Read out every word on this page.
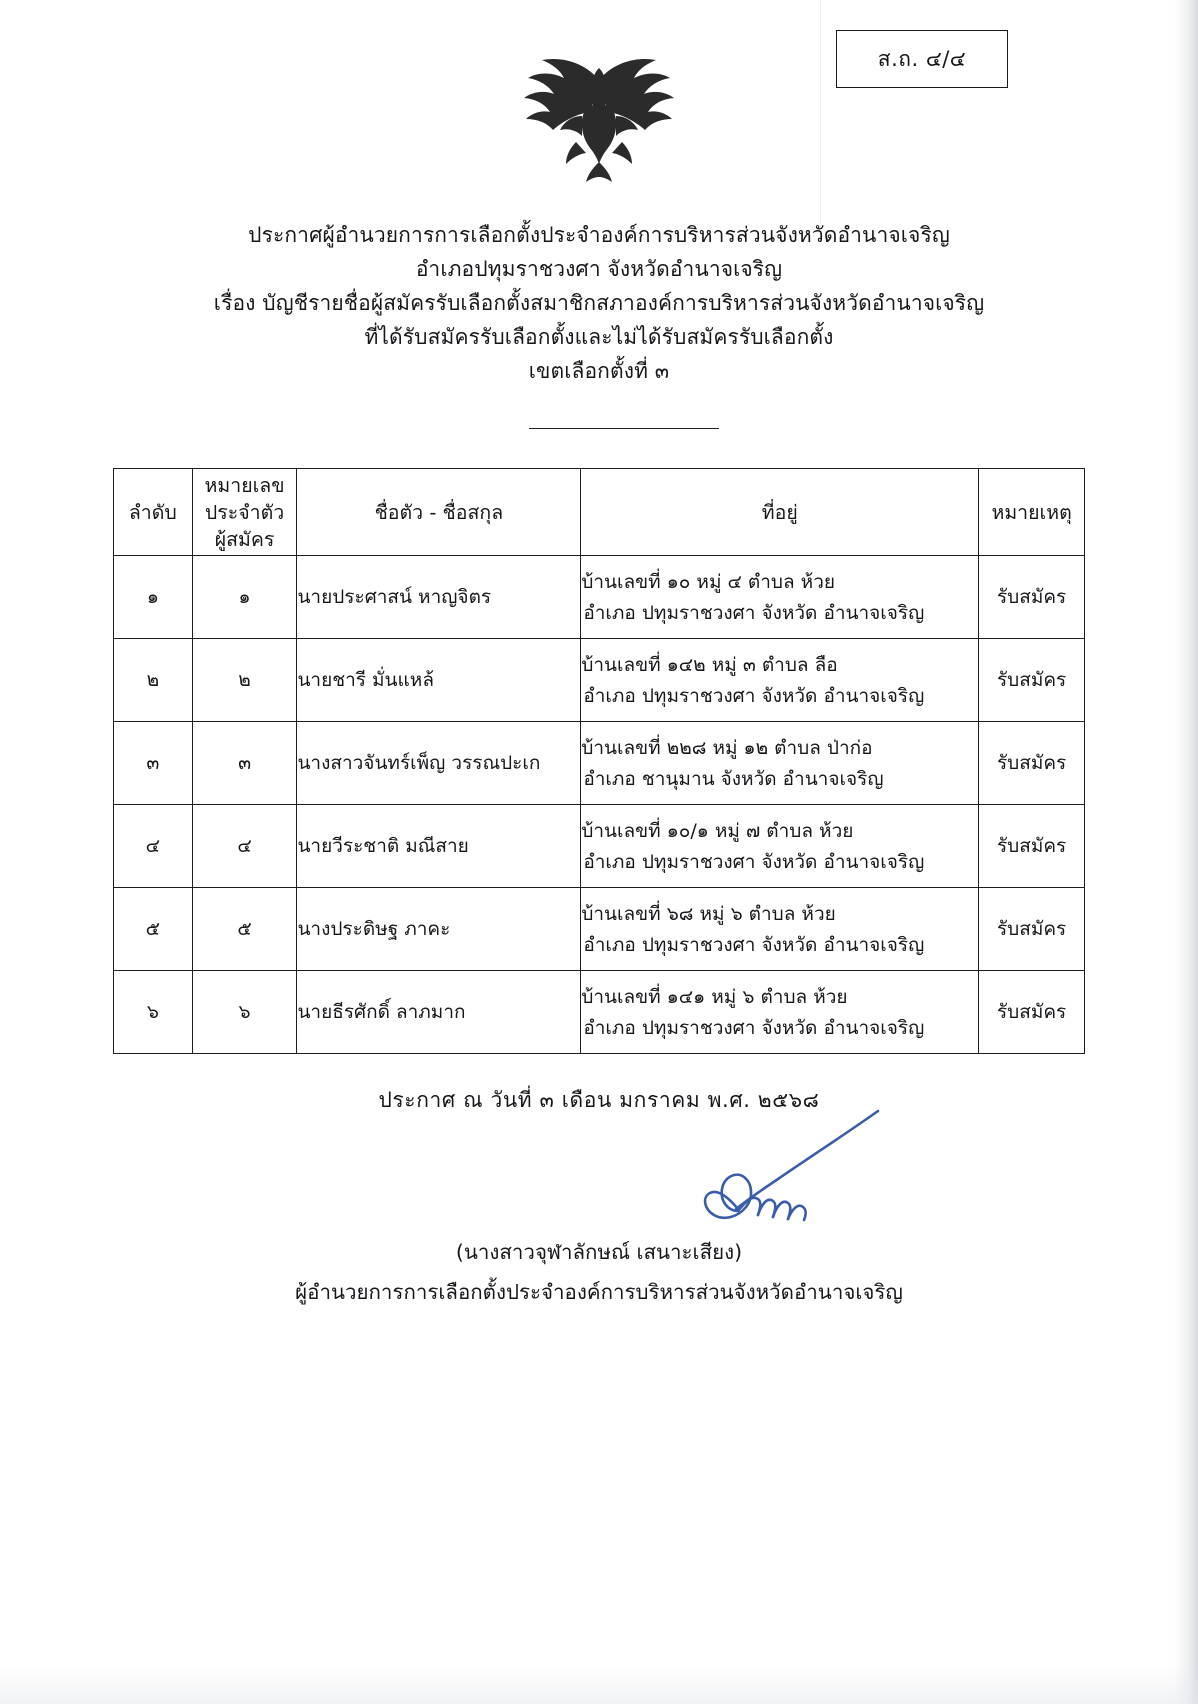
ส.ถ. ๔/๔
ประกาศผู้อำนวยการการเลือกตั้งประจำองค์การบริหารส่วนจังหวัดอำนาจเจริญ
อำเภอปทุมราชวงศา จังหวัดอำนาจเจริญ
เรื่อง บัญชีรายชื่อผู้สมัครรับเลือกตั้งสมาชิกสภาองค์การบริหารส่วนจังหวัดอำนาจเจริญ
ที่ได้รับสมัครรับเลือกตั้งและไม่ได้รับสมัครรับเลือกตั้ง
เขตเลือกตั้งที่ ๓
ลำดับ	หมายเลข
ประจำตัว
ผู้สมัคร	ชื่อตัว - ชื่อสกุล	ที่อยู่	หมายเหตุ
๑	๑	นายประศาสน์ หาญจิตร	บ้านเลขที่ ๑๐ หมู่ ๔ ตำบล ห้วย
อำเภอ ปทุมราชวงศา จังหวัด อำนาจเจริญ	รับสมัคร
๒	๒	นายชารี มั่นแหล้	บ้านเลขที่ ๑๔๒ หมู่ ๓ ตำบล ลือ
อำเภอ ปทุมราชวงศา จังหวัด อำนาจเจริญ	รับสมัคร
๓	๓	นางสาวจันทร์เพ็ญ วรรณปะเก	บ้านเลขที่ ๒๒๘ หมู่ ๑๒ ตำบล ป่าก่อ
อำเภอ ชานุมาน จังหวัด อำนาจเจริญ	รับสมัคร
๔	๔	นายวีระชาติ มณีสาย	บ้านเลขที่ ๑๐/๑ หมู่ ๗ ตำบล ห้วย
อำเภอ ปทุมราชวงศา จังหวัด อำนาจเจริญ	รับสมัคร
๕	๕	นางประดิษฐ ภาคะ	บ้านเลขที่ ๖๘ หมู่ ๖ ตำบล ห้วย
อำเภอ ปทุมราชวงศา จังหวัด อำนาจเจริญ	รับสมัคร
๖	๖	นายธีรศักดิ์ ลาภมาก	บ้านเลขที่ ๑๔๑ หมู่ ๖ ตำบล ห้วย
อำเภอ ปทุมราชวงศา จังหวัด อำนาจเจริญ	รับสมัคร
ประกาศ ณ วันที่ ๓ เดือน มกราคม พ.ศ. ๒๕๖๘
(นางสาวจุฬาลักษณ์ เสนาะเสียง)
ผู้อำนวยการการเลือกตั้งประจำองค์การบริหารส่วนจังหวัดอำนาจเจริญ
